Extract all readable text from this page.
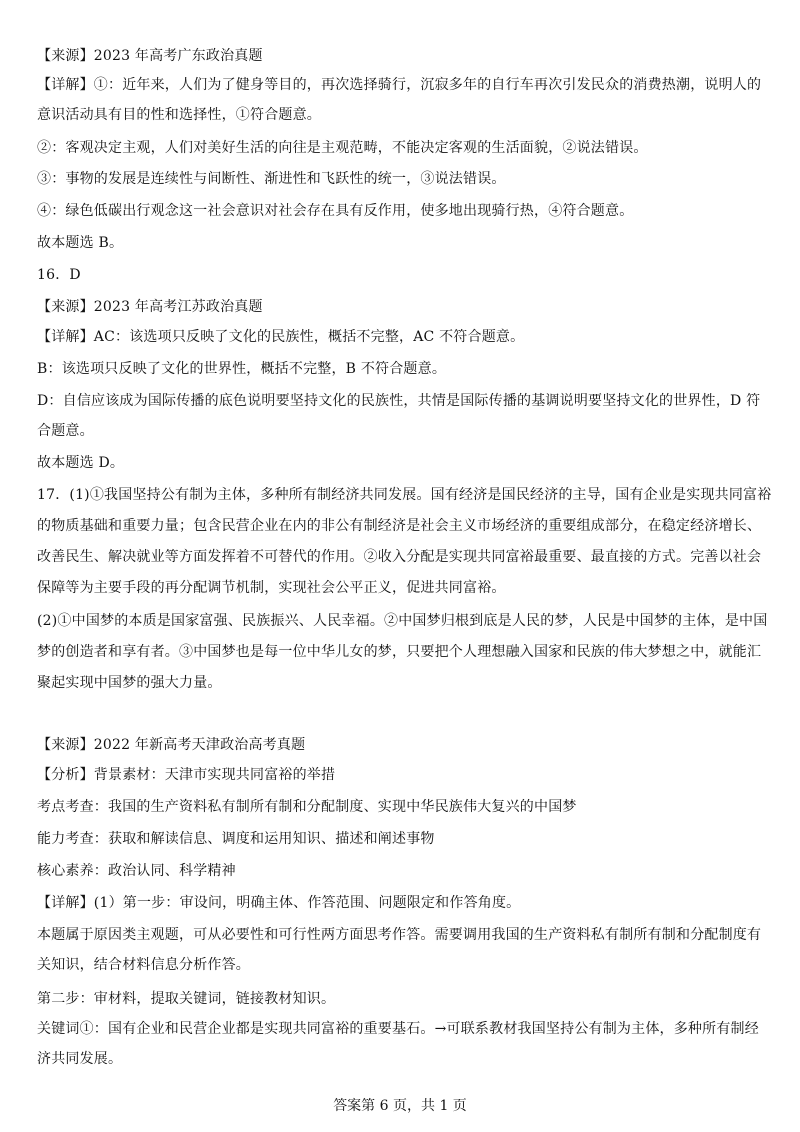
【来源】2023 年高考广东政治真题
【详解】①：近年来，人们为了健身等目的，再次选择骑行，沉寂多年的自行车再次引发民众的消费热潮，说明人的
意识活动具有目的性和选择性，①符合题意。
②：客观决定主观，人们对美好生活的向往是主观范畴，不能决定客观的生活面貌，②说法错误。
③：事物的发展是连续性与间断性、渐进性和飞跃性的统一，③说法错误。
④：绿色低碳出行观念这一社会意识对社会存在具有反作用，使多地出现骑行热，④符合题意。
故本题选 B。
16．D
【来源】2023 年高考江苏政治真题
【详解】AC：该选项只反映了文化的民族性，概括不完整，AC 不符合题意。
B：该选项只反映了文化的世界性，概括不完整，B 不符合题意。
D：自信应该成为国际传播的底色说明要坚持文化的民族性，共情是国际传播的基调说明要坚持文化的世界性，D 符
合题意。
故本题选 D。
17．(1)①我国坚持公有制为主体，多种所有制经济共同发展。国有经济是国民经济的主导，国有企业是实现共同富裕
的物质基础和重要力量；包含民营企业在内的非公有制经济是社会主义市场经济的重要组成部分，在稳定经济增长、
改善民生、解决就业等方面发挥着不可替代的作用。②收入分配是实现共同富裕最重要、最直接的方式。完善以社会
保障等为主要手段的再分配调节机制，实现社会公平正义，促进共同富裕。
(2)①中国梦的本质是国家富强、民族振兴、人民幸福。②中国梦归根到底是人民的梦，人民是中国梦的主体，是中国
梦的创造者和享有者。③中国梦也是每一位中华儿女的梦，只要把个人理想融入国家和民族的伟大梦想之中，就能汇
聚起实现中国梦的强大力量。
【来源】2022 年新高考天津政治高考真题
【分析】背景素材：天津市实现共同富裕的举措
考点考查：我国的生产资料私有制所有制和分配制度、实现中华民族伟大复兴的中国梦
能力考查：获取和解读信息、调度和运用知识、描述和阐述事物
核心素养：政治认同、科学精神
【详解】(1）第一步：审设问，明确主体、作答范围、问题限定和作答角度。
本题属于原因类主观题，可从必要性和可行性两方面思考作答。需要调用我国的生产资料私有制所有制和分配制度有
关知识，结合材料信息分析作答。
第二步：审材料，提取关键词，链接教材知识。
关键词①：国有企业和民营企业都是实现共同富裕的重要基石。→可联系教材我国坚持公有制为主体，多种所有制经
济共同发展。
答案第 6 页，共 1 页
